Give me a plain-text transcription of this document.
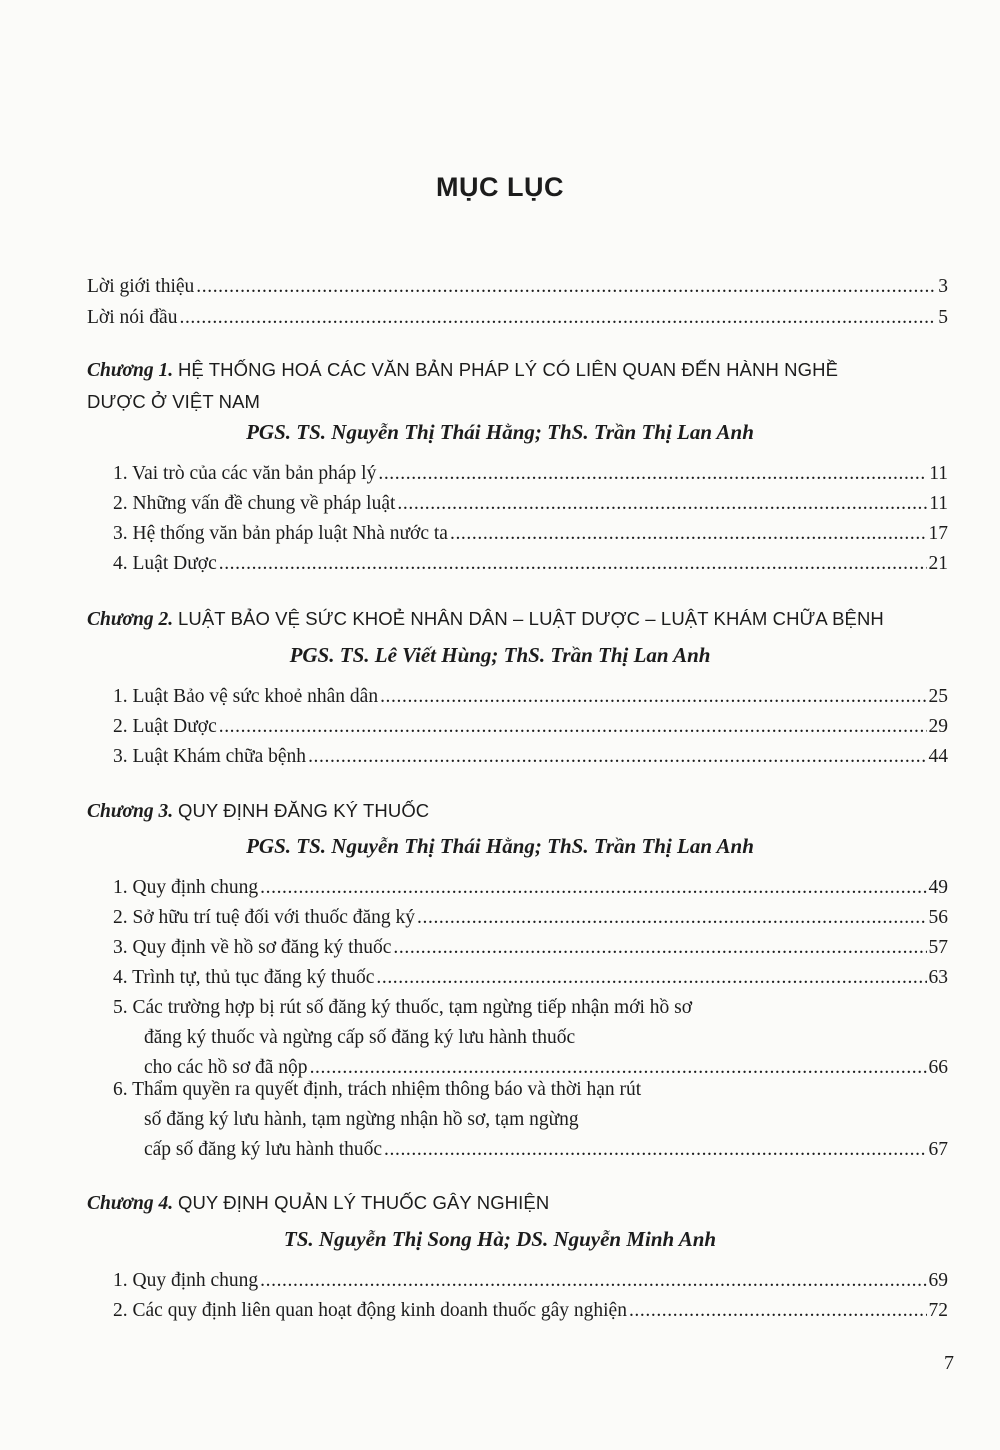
MỤC LỤC
Lời giới thiệu .....	3
Lời nói đầu .....	5
Chương 1. HỆ THỐNG HOÁ CÁC VĂN BẢN PHÁP LÝ CÓ LIÊN QUAN ĐẾN HÀNH NGHỀ
DƯỢC Ở VIỆT NAM
PGS. TS. Nguyễn Thị Thái Hằng; ThS. Trần Thị Lan Anh
1. Vai trò của các văn bản pháp lý .....	11
2. Những vấn đề chung về pháp luật .....	11
3. Hệ thống văn bản pháp luật Nhà nước ta .....	17
4. Luật Dược .....	21
Chương 2. LUẬT BẢO VỆ SỨC KHOẺ NHÂN DÂN – LUẬT DƯỢC – LUẬT KHÁM CHỮA BỆNH
PGS. TS. Lê Viết Hùng; ThS. Trần Thị Lan Anh
1. Luật Bảo vệ sức khoẻ nhân dân .....	25
2. Luật Dược .....	29
3. Luật Khám chữa bệnh .....	44
Chương 3. QUY ĐỊNH ĐĂNG KÝ THUỐC
PGS. TS. Nguyễn Thị Thái Hằng; ThS. Trần Thị Lan Anh
1. Quy định chung .....	49
2. Sở hữu trí tuệ đối với thuốc đăng ký .....	56
3. Quy định về hồ sơ đăng ký thuốc .....	57
4. Trình tự, thủ tục đăng ký thuốc .....	63
5. Các trường hợp bị rút số đăng ký thuốc, tạm ngừng tiếp nhận mới hồ sơ
đăng ký thuốc và ngừng cấp số đăng ký lưu hành thuốc
cho các hồ sơ đã nộp .....	66
6. Thẩm quyền ra quyết định, trách nhiệm thông báo và thời hạn rút
số đăng ký lưu hành, tạm ngừng nhận hồ sơ, tạm ngừng
cấp số đăng ký lưu hành thuốc .....	67
Chương 4. QUY ĐỊNH QUẢN LÝ THUỐC GÂY NGHIỆN
TS. Nguyễn Thị Song Hà; DS. Nguyễn Minh Anh
1. Quy định chung .....	69
2. Các quy định liên quan hoạt động kinh doanh thuốc gây nghiện .....	72
7
